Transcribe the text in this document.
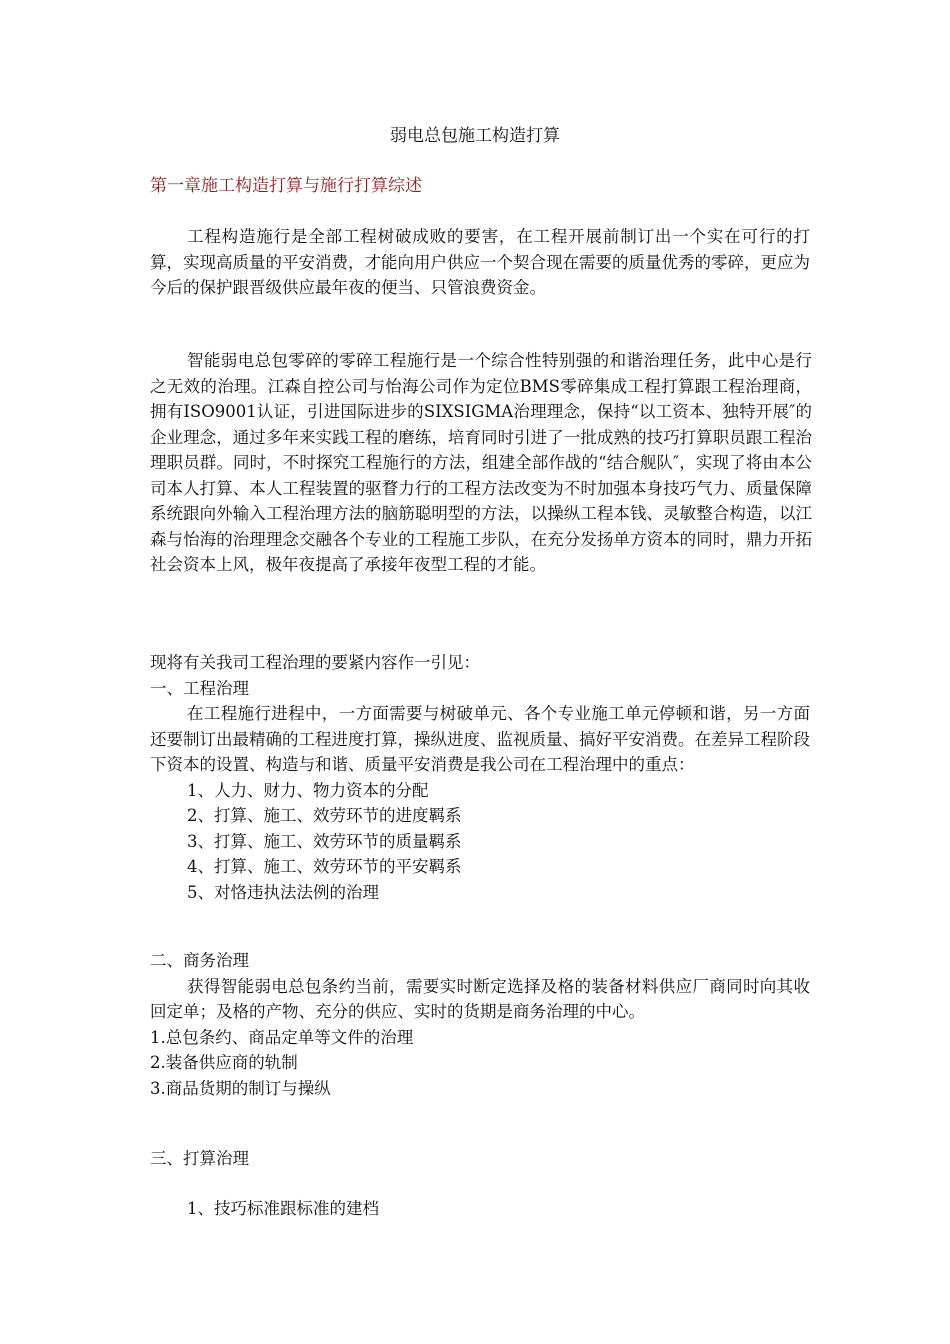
弱电总包施工构造打算
第一章施工构造打算与施行打算综述

工程构造施行是全部工程树破成败的要害，在工程开展前制订出一个实在可行的打算，实现高质量的平安消费，才能向用户供应一个契合现在需要的质量优秀的零碎，更应为今后的保护跟晋级供应最年夜的便当、只管浪费资金。

智能弱电总包零碎的零碎工程施行是一个综合性特别强的和谐治理任务，此中心是行之无效的治理。江森自控公司与怡海公司作为定位BMS零碎集成工程打算跟工程治理商，拥有ISO9001认证，引进国际进步的SIXSIGMA治理理念，保持“以工资本、独特开展″的企业理念，通过多年来实践工程的磨练，培育同时引进了一批成熟的技巧打算职员跟工程治理职员群。同时，不时探究工程施行的方法，组建全部作战的“结合舰队″，实现了将由本公司本人打算、本人工程装置的驱瞀力行的工程方法改变为不时加强本身技巧气力、质量保障系统跟向外输入工程治理方法的脑筋聪明型的方法，以操纵工程本钱、灵敏整合构造，以江森与怡海的治理理念交融各个专业的工程施工步队，在充分发扬单方资本的同时，鼎力开拓社会资本上风，极年夜提高了承接年夜型工程的才能。

现将有关我司工程治理的要紧内容作一引见：
一、工程治理

在工程施行进程中，一方面需要与树破单元、各个专业施工单元停顿和谐，另一方面还要制订出最精确的工程进度打算，操纵进度、监视质量、搞好平安消费。在差异工程阶段下资本的设置、构造与和谐、质量平安消费是我公司在工程治理中的重点：

1、人力、财力、物力资本的分配
2、打算、施工、效劳环节的进度羁系
3、打算、施工、效劳环节的质量羁系
4、打算、施工、效劳环节的平安羁系
5、对恪违执法法例的治理
二、商务治理

获得智能弱电总包条约当前，需要实时断定选择及格的装备材料供应厂商同时向其收回定单；及格的产物、充分的供应、实时的货期是商务治理的中心。

1.总包条约、商品定单等文件的治理
2.装备供应商的轨制
3.商品货期的制订与操纵
三、打算治理
1、技巧标准跟标准的建档
